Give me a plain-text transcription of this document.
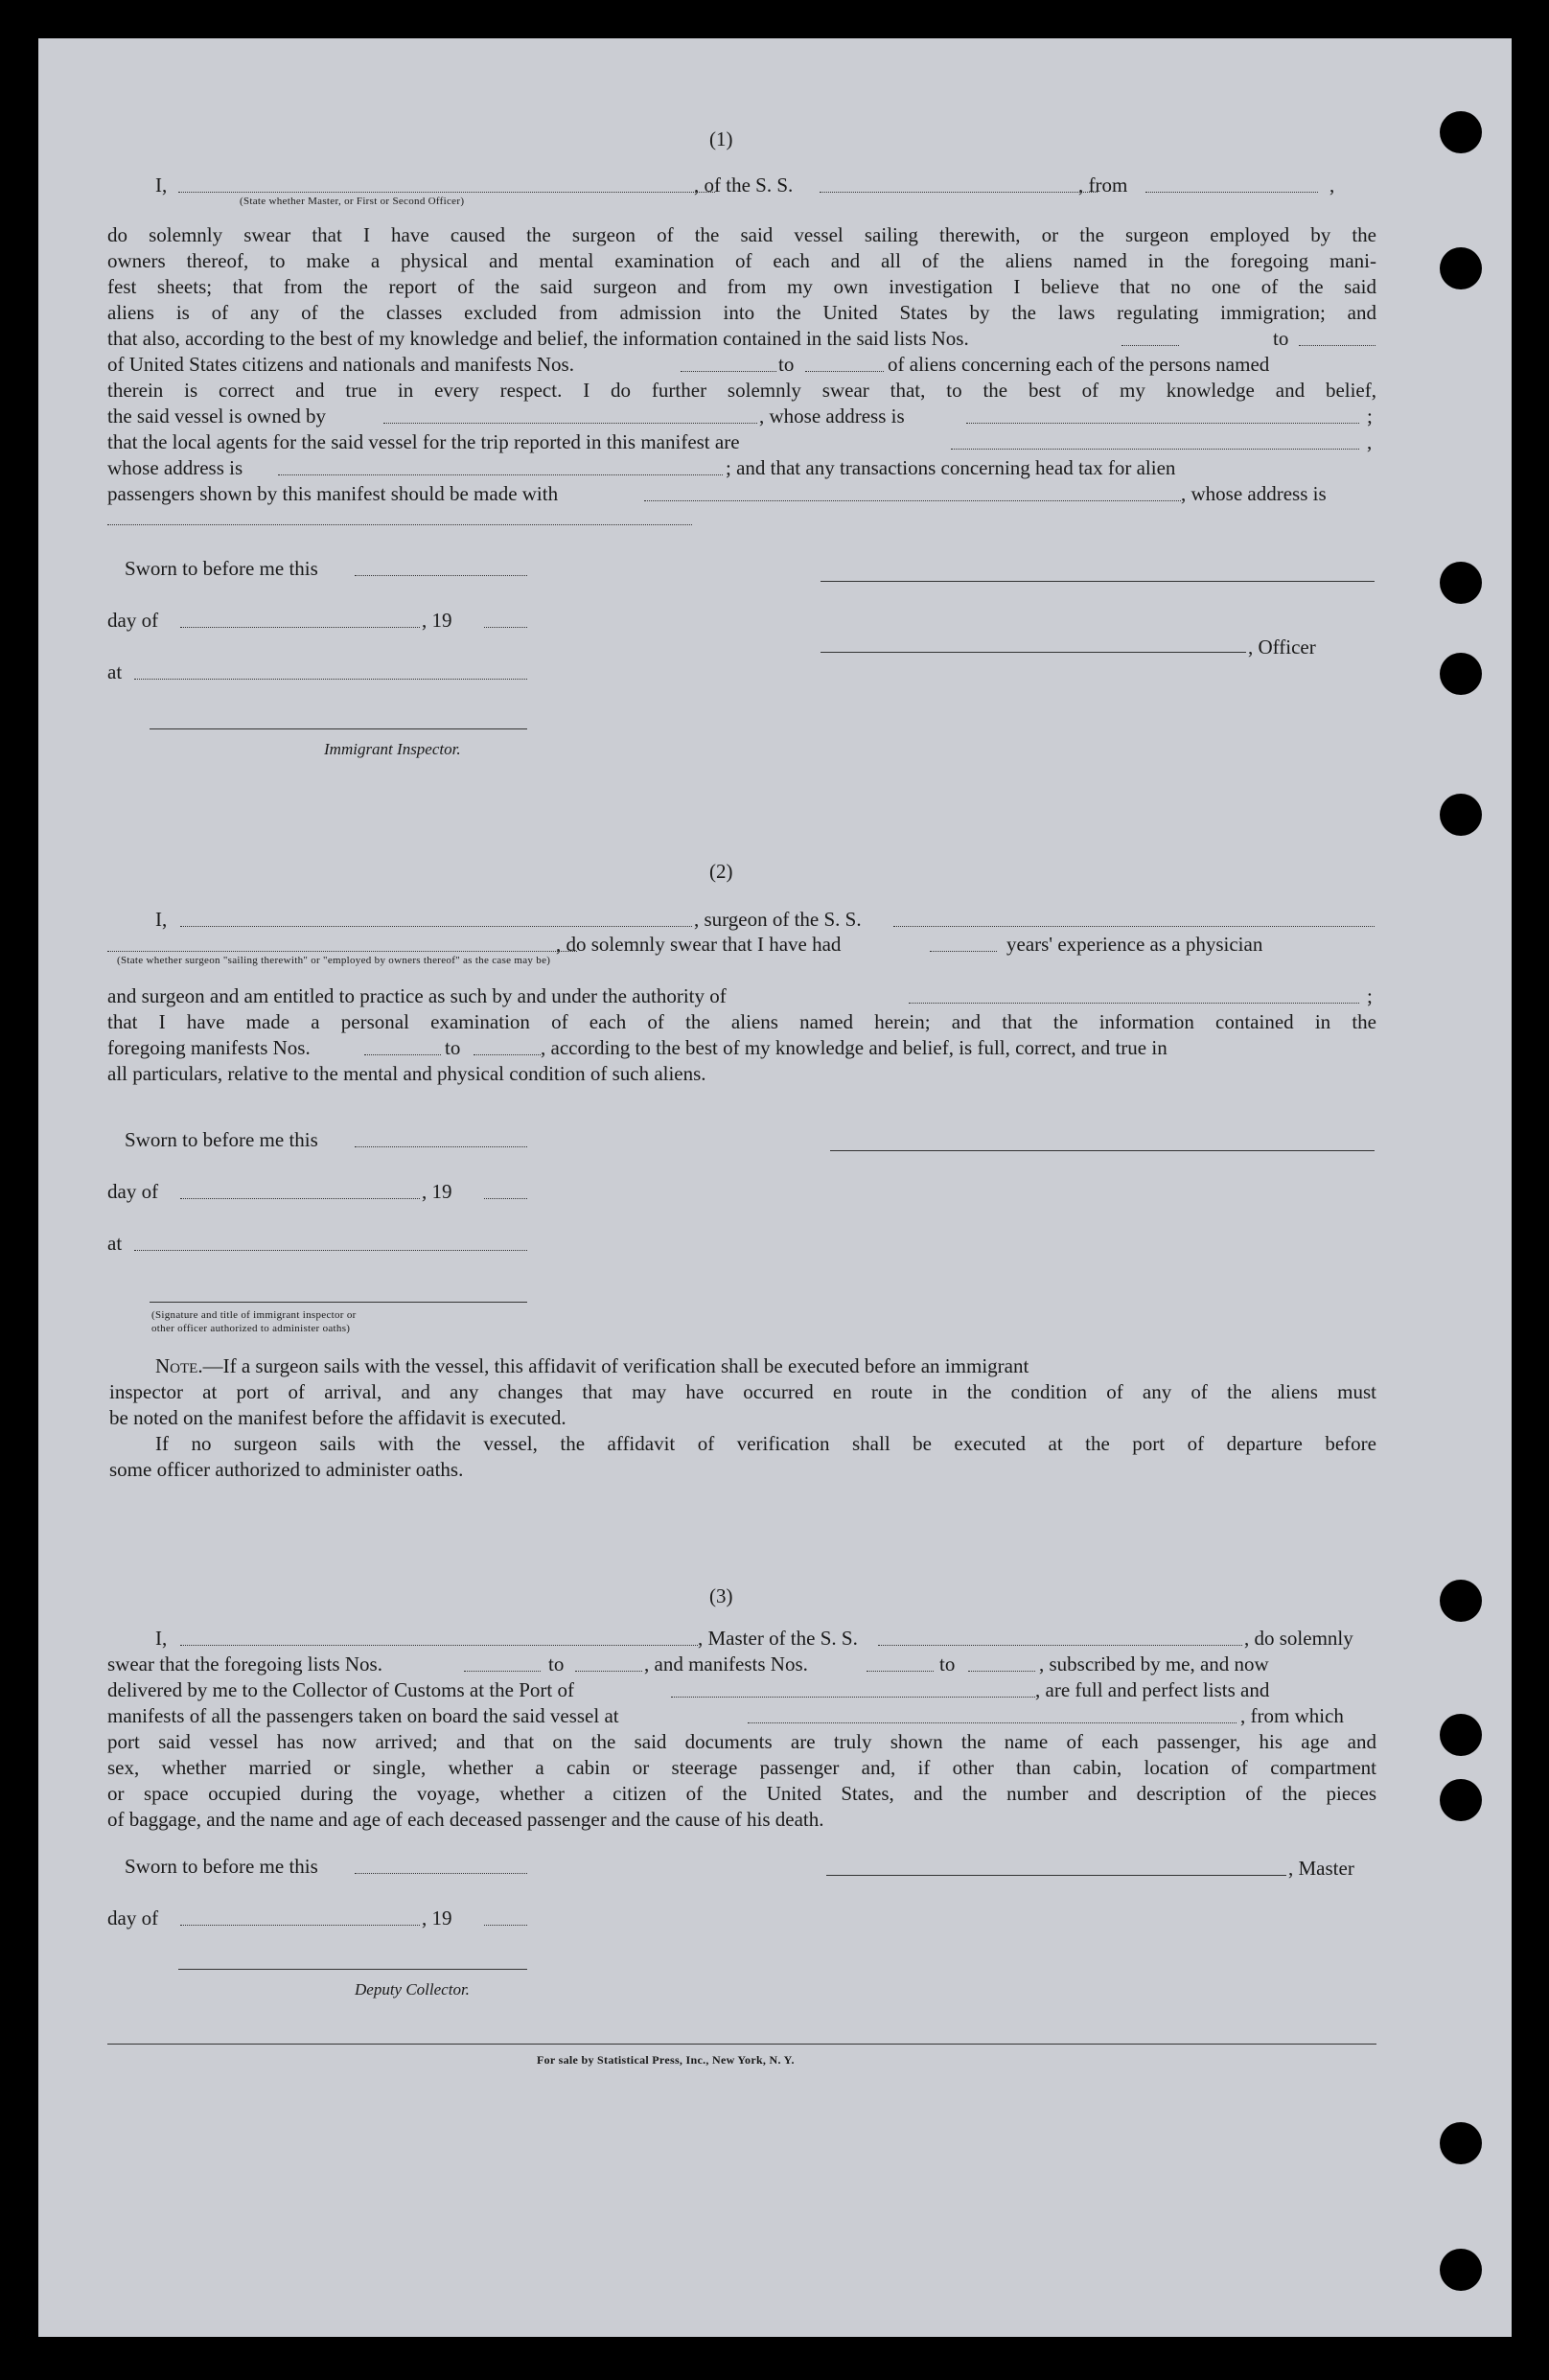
(1)
I,	, of the S. S.	, from	,
(State whether Master, or First or Second Officer)
do solemnly swear that I have caused the surgeon of the said vessel sailing therewith, or the surgeon employed by the
owners thereof, to make a physical and mental examination of each and all of the aliens named in the foregoing mani-
fest sheets; that from the report of the said surgeon and from my own investigation I believe that no one of the said
aliens is of any of the classes excluded from admission into the United States by the laws regulating immigration; and
that also, according to the best of my knowledge and belief, the information contained in the said lists Nos.	to
of United States citizens and nationals and manifests Nos.	to	of aliens concerning each of the persons named
therein is correct and true in every respect. I do further solemnly swear that, to the best of my knowledge and belief,
the said vessel is owned by	, whose address is	;
that the local agents for the said vessel for the trip reported in this manifest are	,
whose address is	; and that any transactions concerning head tax for alien
passengers shown by this manifest should be made with	, whose address is
Sworn to before me this
day of	, 19
, Officer
at
Immigrant Inspector.
(2)
I,	, surgeon of the S. S.
, do solemnly swear that I have had	years' experience as a physician
(State whether surgeon "sailing therewith" or "employed by owners thereof" as the case may be)
and surgeon and am entitled to practice as such by and under the authority of	;
that I have made a personal examination of each of the aliens named herein; and that the information contained in the
foregoing manifests Nos.	to	, according to the best of my knowledge and belief, is full, correct, and true in
all particulars, relative to the mental and physical condition of such aliens.
Sworn to before me this
day of	, 19
at
(Signature and title of immigrant inspector or
other officer authorized to administer oaths)
Note.—If a surgeon sails with the vessel, this affidavit of verification shall be executed before an immigrant
inspector at port of arrival, and any changes that may have occurred en route in the condition of any of the aliens must
be noted on the manifest before the affidavit is executed.
If no surgeon sails with the vessel, the affidavit of verification shall be executed at the port of departure before
some officer authorized to administer oaths.
(3)
I,	, Master of the S. S.	, do solemnly
swear that the foregoing lists Nos.	to	, and manifests Nos.	to	, subscribed by me, and now
delivered by me to the Collector of Customs at the Port of	, are full and perfect lists and
manifests of all the passengers taken on board the said vessel at	, from which
port said vessel has now arrived; and that on the said documents are truly shown the name of each passenger, his age and
sex, whether married or single, whether a cabin or steerage passenger and, if other than cabin, location of compartment
or space occupied during the voyage, whether a citizen of the United States, and the number and description of the pieces
of baggage, and the name and age of each deceased passenger and the cause of his death.
Sworn to before me this	, Master
day of	, 19
Deputy Collector.
For sale by Statistical Press, Inc., New York, N. Y.
